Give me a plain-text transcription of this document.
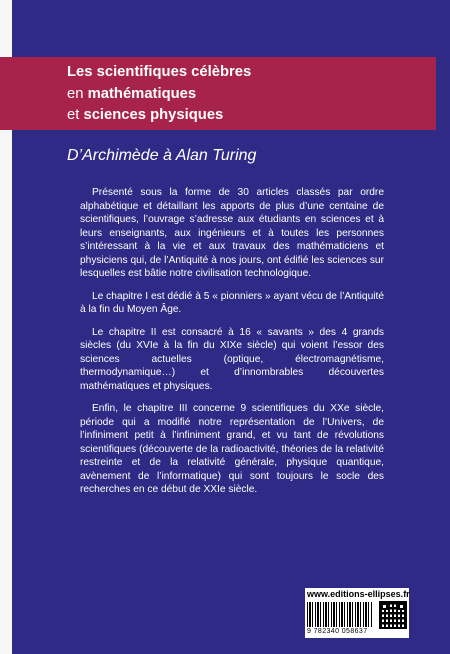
Les scientifiques célèbres
en mathématiques
et sciences physiques
D’Archimède à Alan Turing

Présenté sous la forme de 30 articles classés par ordre alphabétique et détaillant les apports de plus d’une centaine de scientifiques, l’ouvrage s’adresse aux étudiants en sciences et à leurs enseignants, aux ingénieurs et à toutes les personnes s’intéressant à la vie et aux travaux des mathématiciens et physiciens qui, de l’Antiquité à nos jours, ont édifié les sciences sur lesquelles est bâtie notre civilisation technologique.

Le chapitre I est dédié à 5 « pionniers » ayant vécu de l’Antiquité à la fin du Moyen Âge.

Le chapitre II est consacré à 16 « savants » des 4 grands siècles (du XVIe à la fin du XIXe siècle) qui voient l’essor des sciences actuelles (optique, électromagnétisme, thermodynamique…) et d’innombrables découvertes mathématiques et physiques.

Enfin, le chapitre III concerne 9 scientifiques du XXe siècle, période qui a modifié notre représentation de l’Univers, de l’infiniment petit à l’infiniment grand, et vu tant de révolutions scientifiques (découverte de la radioactivité, théories de la relativité restreinte et de la relativité générale, physique quantique, avènement de l’informatique) qui sont toujours le socle des recherches en ce début de XXIe siècle.

www.editions-ellipses.fr
9 782340 058637
